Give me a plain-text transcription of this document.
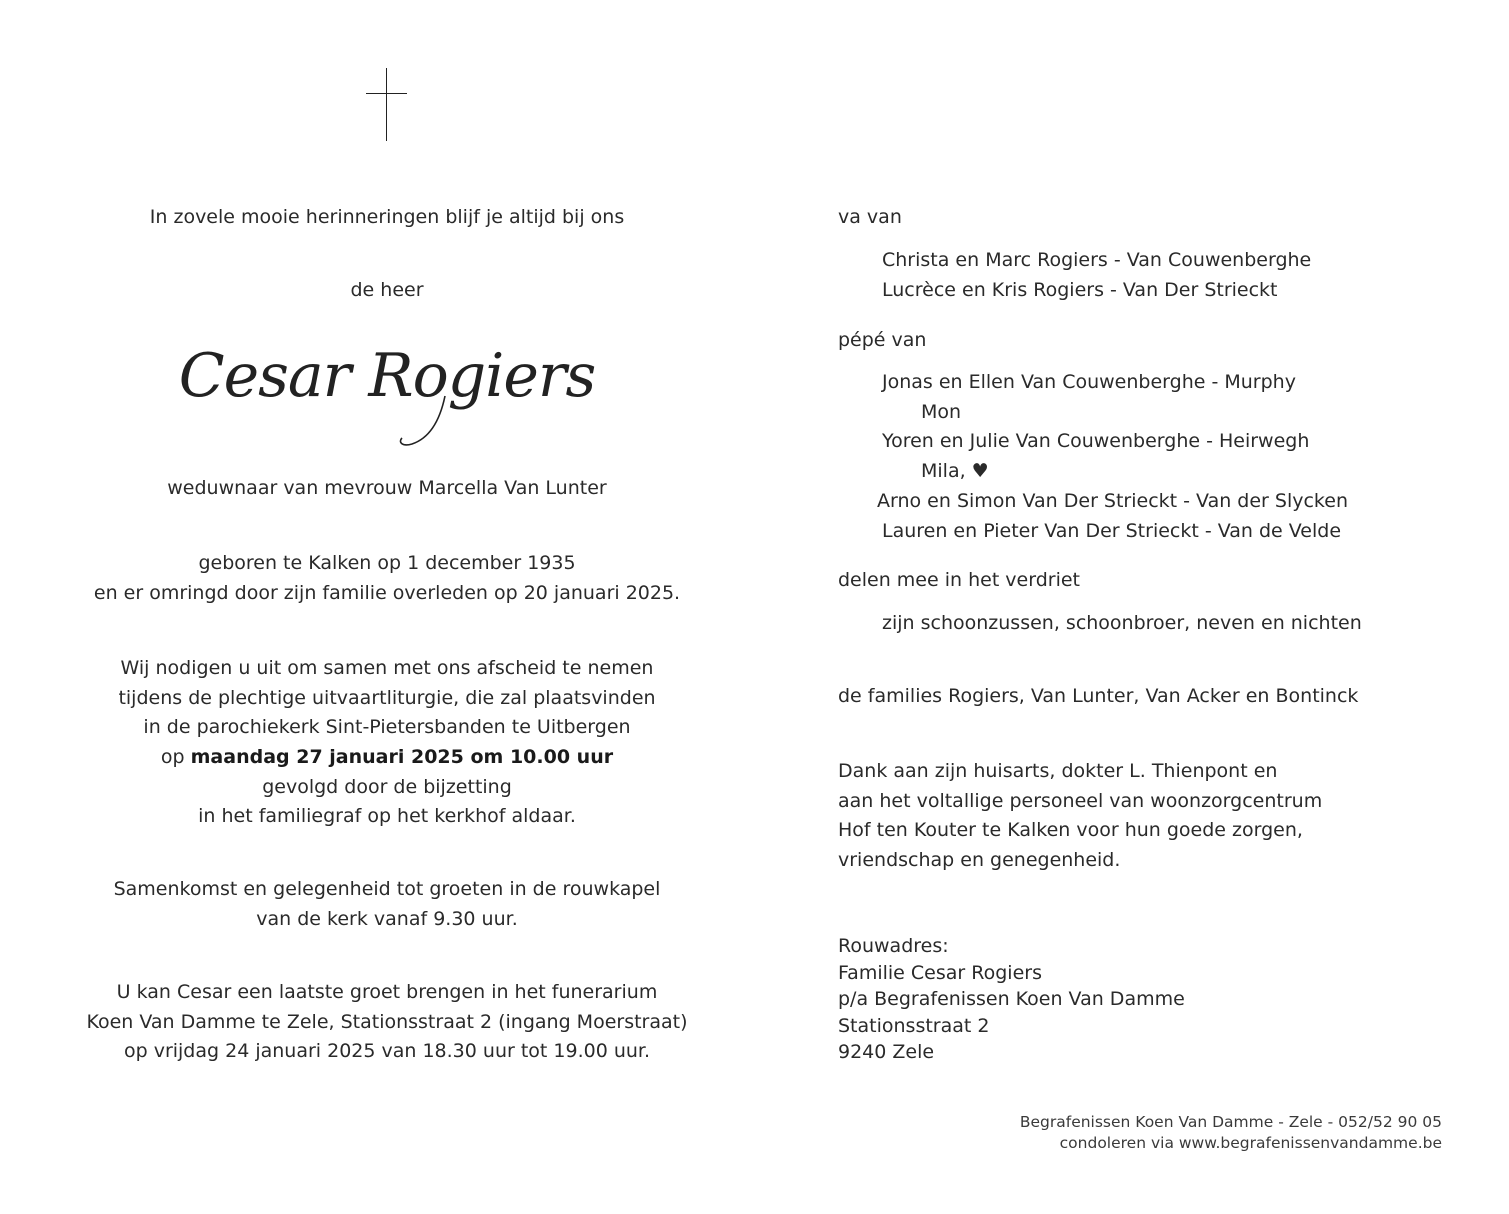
In zovele mooie herinneringen blijf je altijd bij ons
de heer
Cesar Rogiers
weduwnaar van mevrouw Marcella Van Lunter
geboren te Kalken op 1 december 1935
en er omringd door zijn familie overleden op 20 januari 2025.
Wij nodigen u uit om samen met ons afscheid te nemen
tijdens de plechtige uitvaartliturgie, die zal plaatsvinden
in de parochiekerk Sint-Pietersbanden te Uitbergen
op maandag 27 januari 2025 om 10.00 uur
gevolgd door de bijzetting
in het familiegraf op het kerkhof aldaar.
Samenkomst en gelegenheid tot groeten in de rouwkapel
van de kerk vanaf 9.30 uur.
U kan Cesar een laatste groet brengen in het funerarium
Koen Van Damme te Zele, Stationsstraat 2 (ingang Moerstraat)
op vrijdag 24 januari 2025 van 18.30 uur tot 19.00 uur.
va van
Christa en Marc Rogiers - Van Couwenberghe
Lucrèce en Kris Rogiers - Van Der Strieckt
pépé van
Jonas en Ellen Van Couwenberghe - Murphy
Mon
Yoren en Julie Van Couwenberghe - Heirwegh
Mila, ♥
Arno en Simon Van Der Strieckt - Van der Slycken
Lauren en Pieter Van Der Strieckt - Van de Velde
delen mee in het verdriet
zijn schoonzussen, schoonbroer, neven en nichten
de families Rogiers, Van Lunter, Van Acker en Bontinck
Dank aan zijn huisarts, dokter L. Thienpont en
aan het voltallige personeel van woonzorgcentrum
Hof ten Kouter te Kalken voor hun goede zorgen,
vriendschap en genegenheid.
Rouwadres:
Familie Cesar Rogiers
p/a Begrafenissen Koen Van Damme
Stationsstraat 2
9240 Zele
Begrafenissen Koen Van Damme - Zele - 052/52 90 05
condoleren via www.begrafenissenvandamme.be
